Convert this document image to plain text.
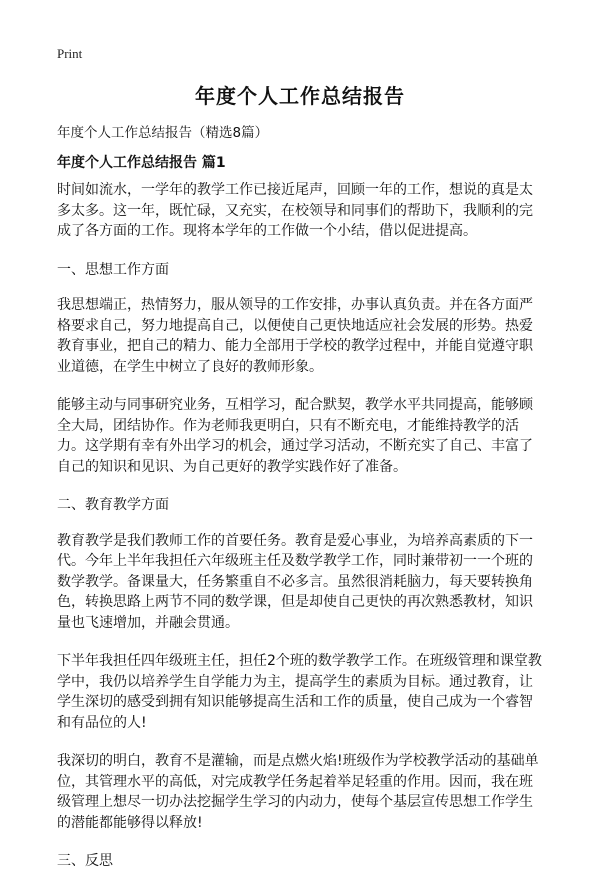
Print
年度个人工作总结报告
年度个人工作总结报告（精选8篇）
年度个人工作总结报告 篇1

时间如流水，一学年的教学工作已接近尾声，回顾一年的工作，想说的真是太多太多。这一年，既忙碌，又充实，在校领导和同事们的帮助下，我顺利的完成了各方面的工作。现将本学年的工作做一个小结，借以促进提高。

一、思想工作方面

我思想端正，热情努力，服从领导的工作安排，办事认真负责。并在各方面严格要求自己，努力地提高自己，以便使自己更快地适应社会发展的形势。热爱教育事业，把自己的精力、能力全部用于学校的教学过程中，并能自觉遵守职业道德，在学生中树立了良好的教师形象。

能够主动与同事研究业务，互相学习，配合默契，教学水平共同提高，能够顾全大局，团结协作。作为老师我更明白，只有不断充电，才能维持教学的活力。这学期有幸有外出学习的机会，通过学习活动，不断充实了自己、丰富了自己的知识和见识、为自己更好的教学实践作好了准备。

二、教育教学方面

教育教学是我们教师工作的首要任务。教育是爱心事业，为培养高素质的下一代。今年上半年我担任六年级班主任及数学教学工作，同时兼带初一一个班的数学教学。备课量大，任务繁重自不必多言。虽然很消耗脑力，每天要转换角色，转换思路上两节不同的数学课，但是却使自己更快的再次熟悉教材，知识量也飞速增加，并融会贯通。

下半年我担任四年级班主任，担任2个班的数学教学工作。在班级管理和课堂教学中，我仍以培养学生自学能力为主，提高学生的素质为目标。通过教育，让学生深切的感受到拥有知识能够提高生活和工作的质量，使自己成为一个睿智和有品位的人!

我深切的明白，教育不是灌输，而是点燃火焰!班级作为学校教学活动的基础单位，其管理水平的高低，对完成教学任务起着举足轻重的作用。因而，我在班级管理上想尽一切办法挖掘学生学习的内动力，使每个基层宣传思想工作学生的潜能都能够得以释放!

三、反思
